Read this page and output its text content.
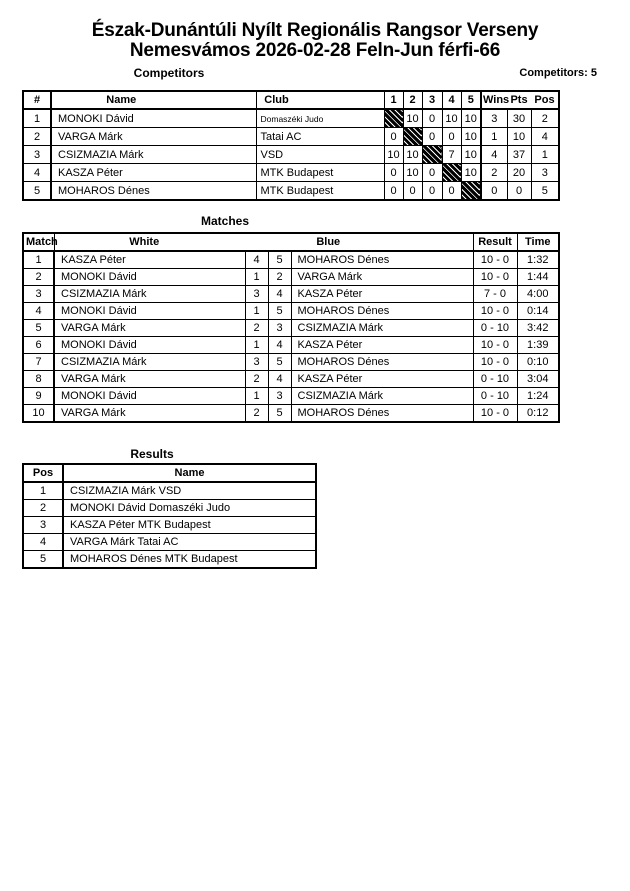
Észak-Dunántúli Nyílt Regionális Rangsor Verseny
Nemesvámos 2026-02-28 Feln-Jun férfi-66
Competitors	Competitors: 5
#	Name	Club	1	2	3	4	5	Wins	Pts	Pos
1	MONOKI Dávid	Domaszéki Judo		10	0	10	10	3	30	2
2	VARGA Márk	Tatai AC	0		0	0	10	1	10	4
3	CSIZMAZIA Márk	VSD	10	10		7	10	4	37	1
4	KASZA Péter	MTK Budapest	0	10	0		10	2	20	3
5	MOHAROS Dénes	MTK Budapest	0	0	0	0		0	0	5
Matches
Match	White			Blue	Result	Time
1	KASZA Péter	4	5	MOHAROS Dénes	10 - 0	1:32
2	MONOKI Dávid	1	2	VARGA Márk	10 - 0	1:44
3	CSIZMAZIA Márk	3	4	KASZA Péter	7 - 0	4:00
4	MONOKI Dávid	1	5	MOHAROS Dénes	10 - 0	0:14
5	VARGA Márk	2	3	CSIZMAZIA Márk	0 - 10	3:42
6	MONOKI Dávid	1	4	KASZA Péter	10 - 0	1:39
7	CSIZMAZIA Márk	3	5	MOHAROS Dénes	10 - 0	0:10
8	VARGA Márk	2	4	KASZA Péter	0 - 10	3:04
9	MONOKI Dávid	1	3	CSIZMAZIA Márk	0 - 10	1:24
10	VARGA Márk	2	5	MOHAROS Dénes	10 - 0	0:12
Results
Pos	Name
1	CSIZMAZIA Márk VSD
2	MONOKI Dávid Domaszéki Judo
3	KASZA Péter MTK Budapest
4	VARGA Márk Tatai AC
5	MOHAROS Dénes MTK Budapest
